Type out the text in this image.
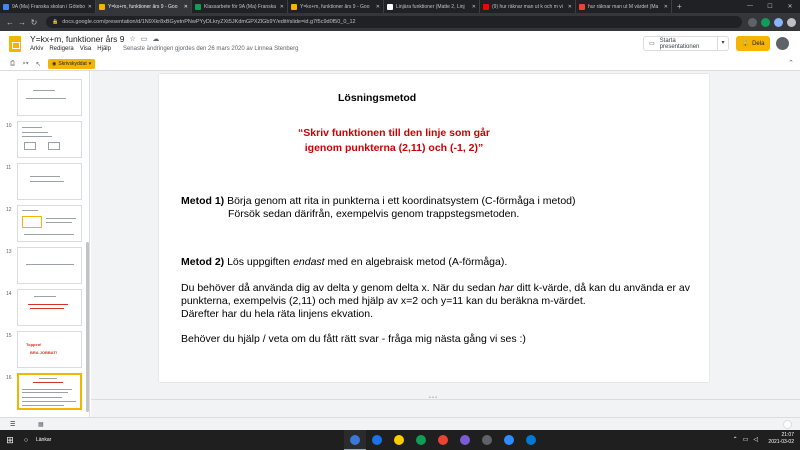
9A (Ma) Franska skolan i Götebo ✕	Y=kx+m, funktioner års 9 - Goo	✕	Klassarbete för 9A (Ma) Franska ✕	Y=kx+m, funktioner års 9 - Goo	✕	Linjära funktioner (Matte 2, Linj	✕	(9) hur räknar man ut k och m vi ✕	hur räknar man ut M värdet (Ma	✕	+	—	☐	✕
← → ↻	🔒 docs.google.com/presentation/d/1N9Xkr8xBGyetnPNwPYyDLkryZXt5JKdmGPXZlGb9Y/edit#slide=id.g7f5c9d0f50_0_12
Y=kx+m, funktioner års 9 ☆ ▭ ☁
Arkiv Redigera Visa Hjälp Senaste ändringen gjordes den 26 mars 2020 av Linnea Stenberg
▭
Starta presentationen
▾	🔒 Dela
⎙ ⌕▾ ↖ ◉ Skrivskyddat ▾	⌃
10
11
12
13
14
15
Toppen!
BRA JOBBAT!
16
Lösningsmetod
“Skriv funktionen till den linje som går
igenom punkterna (2,11) och (-1, 2)”
Metod 1) Börja genom att rita in punkterna i ett koordinatsystem (C-förmåga i metod)
Försök sedan därifrån, exempelvis genom trappstegsmetoden.
Metod 2) Lös uppgiften endast med en algebraisk metod (A-förmåga).
Du behöver då använda dig av delta y genom delta x. När du sedan har ditt k-värde, då kan du använda er av punkterna, exempelvis (2,11) och med hjälp av x=2 och y=11 kan du beräkna m-värdet.
Därefter har du hela räta linjens ekvation.
Behöver du hjälp / veta om du fått rätt svar - fråga mig nästa gång vi ses :)
• • •
☰	▦
⊞	○	Länkar	⌃ ▭ ◁
21:07
2021-03-02
